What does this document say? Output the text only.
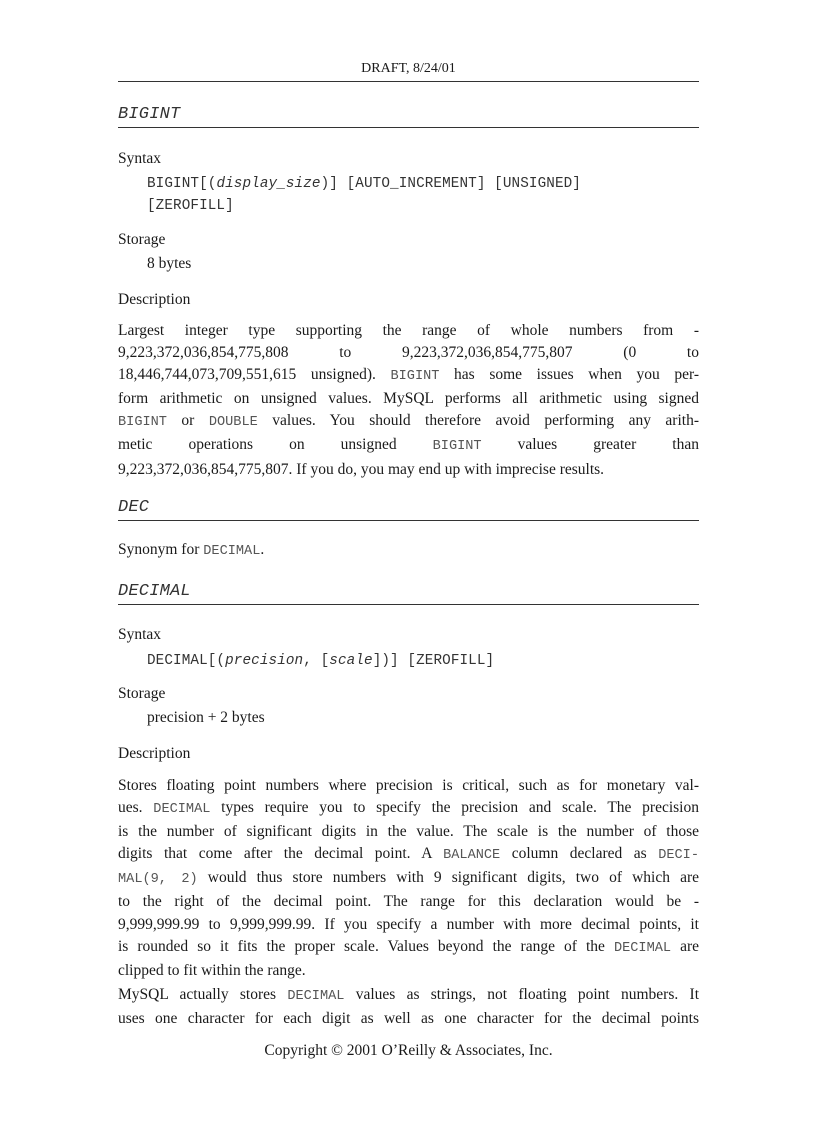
DRAFT, 8/24/01
BIGINT
Syntax
BIGINT[(display_size)] [AUTO_INCREMENT] [UNSIGNED]
[ZEROFILL]
Storage
8 bytes
Description
Largest integer type supporting the range of whole numbers from -
9,223,372,036,854,775,808 to 9,223,372,036,854,775,807 (0 to
18,446,744,073,709,551,615 unsigned). BIGINT has some issues when you per-
form arithmetic on unsigned values. MySQL performs all arithmetic using signed
BIGINT or DOUBLE values. You should therefore avoid performing any arith-
metic operations on unsigned BIGINT values greater than
9,223,372,036,854,775,807. If you do, you may end up with imprecise results.
DEC
Synonym for DECIMAL.
DECIMAL
Syntax
DECIMAL[(precision, [scale])] [ZEROFILL]
Storage
precision + 2 bytes
Description
Stores floating point numbers where precision is critical, such as for monetary val-
ues. DECIMAL types require you to specify the precision and scale. The precision
is the number of significant digits in the value. The scale is the number of those
digits that come after the decimal point. A BALANCE column declared as DECI-
MAL(9, 2) would thus store numbers with 9 significant digits, two of which are
to the right of the decimal point. The range for this declaration would be -
9,999,999.99 to 9,999,999.99. If you specify a number with more decimal points, it
is rounded so it fits the proper scale. Values beyond the range of the DECIMAL are
clipped to fit within the range.
MySQL actually stores DECIMAL values as strings, not floating point numbers. It
uses one character for each digit as well as one character for the decimal points
Copyright © 2001 O’Reilly & Associates, Inc.
